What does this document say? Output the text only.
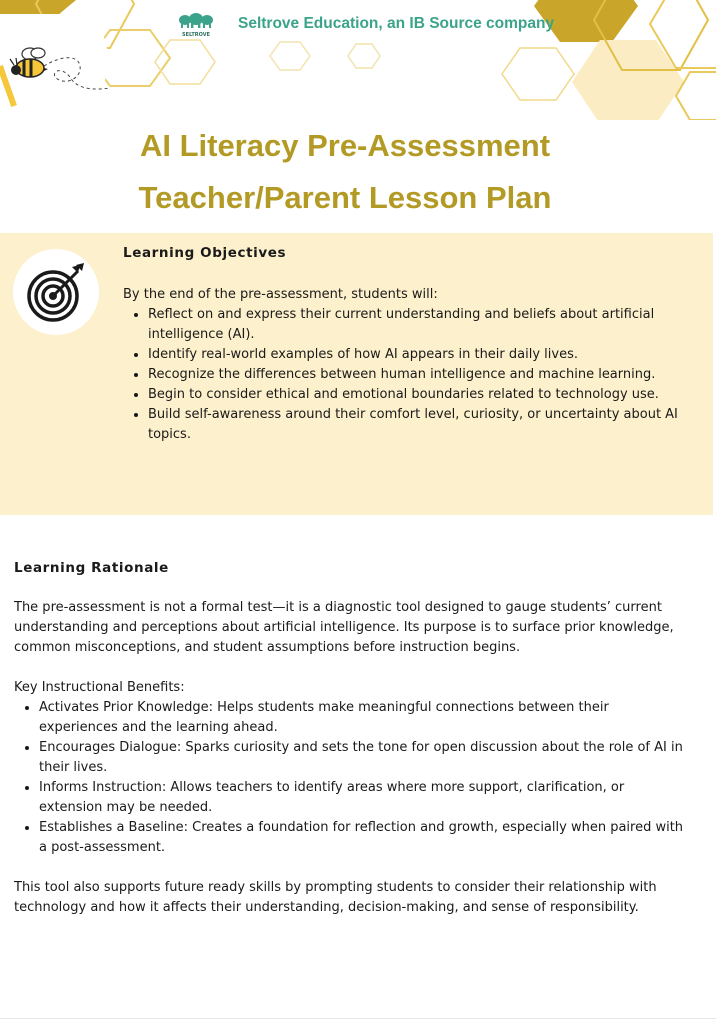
SELTROVE
Seltrove Education, an IB Source company
AI Literacy Pre-Assessment
Teacher/Parent Lesson Plan
Learning Objectives
By the end of the pre-assessment, students will:
• Reflect on and express their current understanding and beliefs about artificial intelligence (AI).
• Identify real-world examples of how AI appears in their daily lives.
• Recognize the differences between human intelligence and machine learning.
• Begin to consider ethical and emotional boundaries related to technology use.
• Build self-awareness around their comfort level, curiosity, or uncertainty about AI topics.
Learning Rationale
The pre-assessment is not a formal test—it is a diagnostic tool designed to gauge students’ current understanding and perceptions about artificial intelligence. Its purpose is to surface prior knowledge, common misconceptions, and student assumptions before instruction begins.
Key Instructional Benefits:
• Activates Prior Knowledge: Helps students make meaningful connections between their experiences and the learning ahead.
• Encourages Dialogue: Sparks curiosity and sets the tone for open discussion about the role of AI in their lives.
• Informs Instruction: Allows teachers to identify areas where more support, clarification, or extension may be needed.
• Establishes a Baseline: Creates a foundation for reflection and growth, especially when paired with a post-assessment.
This tool also supports future ready skills by prompting students to consider their relationship with technology and how it affects their understanding, decision-making, and sense of responsibility.
